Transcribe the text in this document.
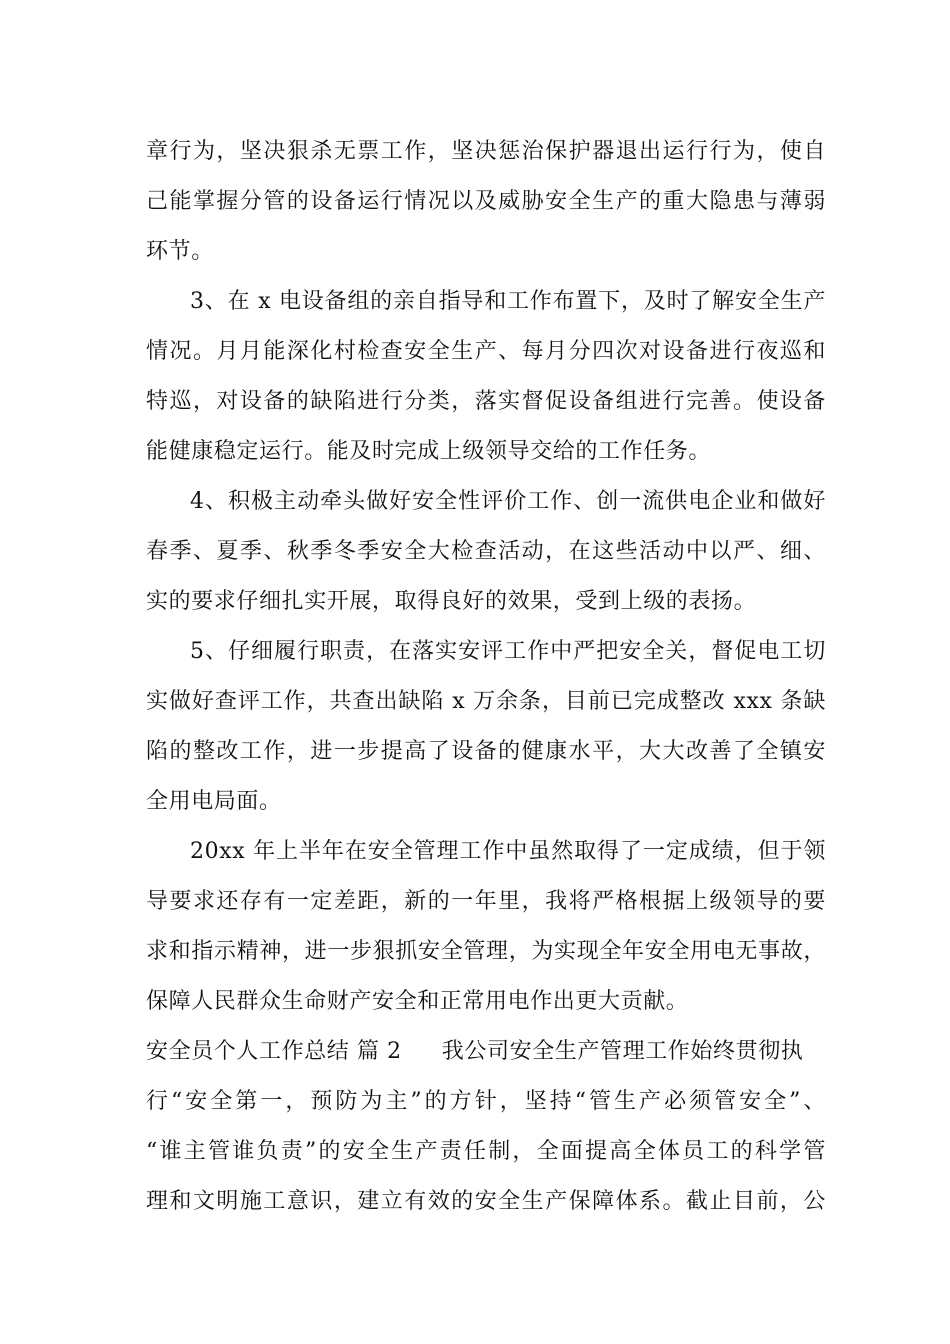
章行为，坚决狠杀无票工作，坚决惩治保护器退出运行行为，使自
己能掌握分管的设备运行情况以及威胁安全生产的重大隐患与薄弱
环节。
3、在 x 电设备组的亲自指导和工作布置下，及时了解安全生产
情况。月月能深化村检查安全生产、每月分四次对设备进行夜巡和
特巡，对设备的缺陷进行分类，落实督促设备组进行完善。使设备
能健康稳定运行。能及时完成上级领导交给的工作任务。
4、积极主动牵头做好安全性评价工作、创一流供电企业和做好
春季、夏季、秋季冬季安全大检查活动，在这些活动中以严、细、
实的要求仔细扎实开展，取得良好的效果，受到上级的表扬。
5、仔细履行职责，在落实安评工作中严把安全关，督促电工切
实做好查评工作，共查出缺陷 x 万余条，目前已完成整改 xxx 条缺
陷的整改工作，进一步提高了设备的健康水平，大大改善了全镇安
全用电局面。
20xx 年上半年在安全管理工作中虽然取得了一定成绩，但于领
导要求还存有一定差距，新的一年里，我将严格根据上级领导的要
求和指示精神，进一步狠抓安全管理，为实现全年安全用电无事故，
保障人民群众生命财产安全和正常用电作出更大贡献。
安全员个人工作总结 篇 2 我公司安全生产管理工作始终贯彻执
行“安全第一，预防为主”的方针，坚持“管生产必须管安全”、
“谁主管谁负责”的安全生产责任制，全面提高全体员工的科学管
理和文明施工意识，建立有效的安全生产保障体系。截止目前，公
